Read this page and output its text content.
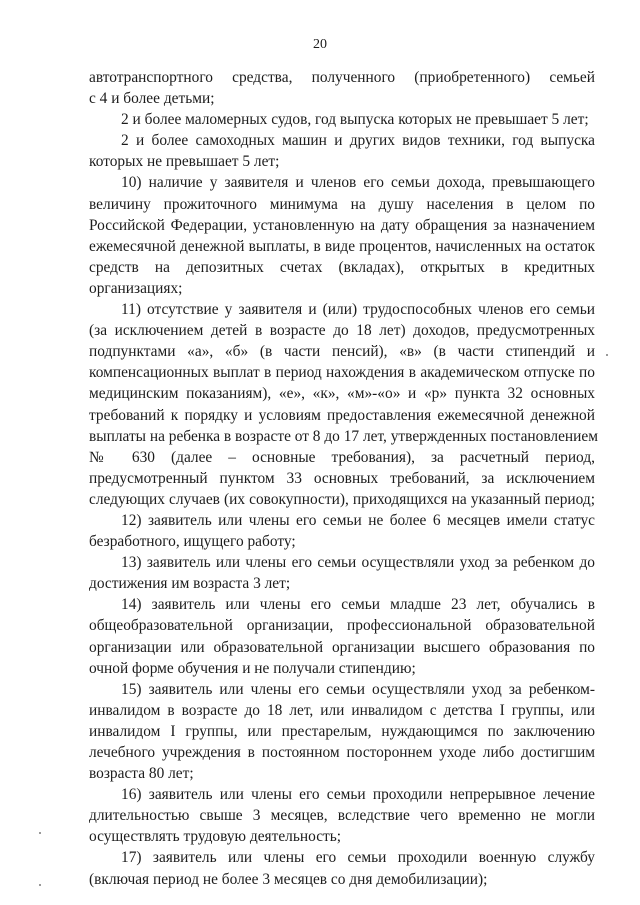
20
автотранспортного средства, полученного (приобретенного) семьей
с 4 и более детьми;
2 и более маломерных судов, год выпуска которых не превышает 5 лет;
2 и более самоходных машин и других видов техники, год выпуска
которых не превышает 5 лет;
10) наличие у заявителя и членов его семьи дохода, превышающего
величину прожиточного минимума на душу населения в целом по
Российской Федерации, установленную на дату обращения за назначением
ежемесячной денежной выплаты, в виде процентов, начисленных на остаток
средств на депозитных счетах (вкладах), открытых в кредитных
организациях;
11) отсутствие у заявителя и (или) трудоспособных членов его семьи
(за исключением детей в возрасте до 18 лет) доходов, предусмотренных
подпунктами «а», «б» (в части пенсий), «в» (в части стипендий и
компенсационных выплат в период нахождения в академическом отпуске по
медицинским показаниям), «е», «к», «м»-«о» и «р» пункта 32 основных
требований к порядку и условиям предоставления ежемесячной денежной
выплаты на ребенка в возрасте от 8 до 17 лет, утвержденных постановлением
№ 630 (далее – основные требования), за расчетный период,
предусмотренный пунктом 33 основных требований, за исключением
следующих случаев (их совокупности), приходящихся на указанный период;
12) заявитель или члены его семьи не более 6 месяцев имели статус
безработного, ищущего работу;
13) заявитель или члены его семьи осуществляли уход за ребенком до
достижения им возраста 3 лет;
14) заявитель или члены его семьи младше 23 лет, обучались в
общеобразовательной организации, профессиональной образовательной
организации или образовательной организации высшего образования по
очной форме обучения и не получали стипендию;
15) заявитель или члены его семьи осуществляли уход за ребенком-
инвалидом в возрасте до 18 лет, или инвалидом с детства I группы, или
инвалидом I группы, или престарелым, нуждающимся по заключению
лечебного учреждения в постоянном постороннем уходе либо достигшим
возраста 80 лет;
16) заявитель или члены его семьи проходили непрерывное лечение
длительностью свыше 3 месяцев, вследствие чего временно не могли
осуществлять трудовую деятельность;
17) заявитель или члены его семьи проходили военную службу
(включая период не более 3 месяцев со дня демобилизации);
